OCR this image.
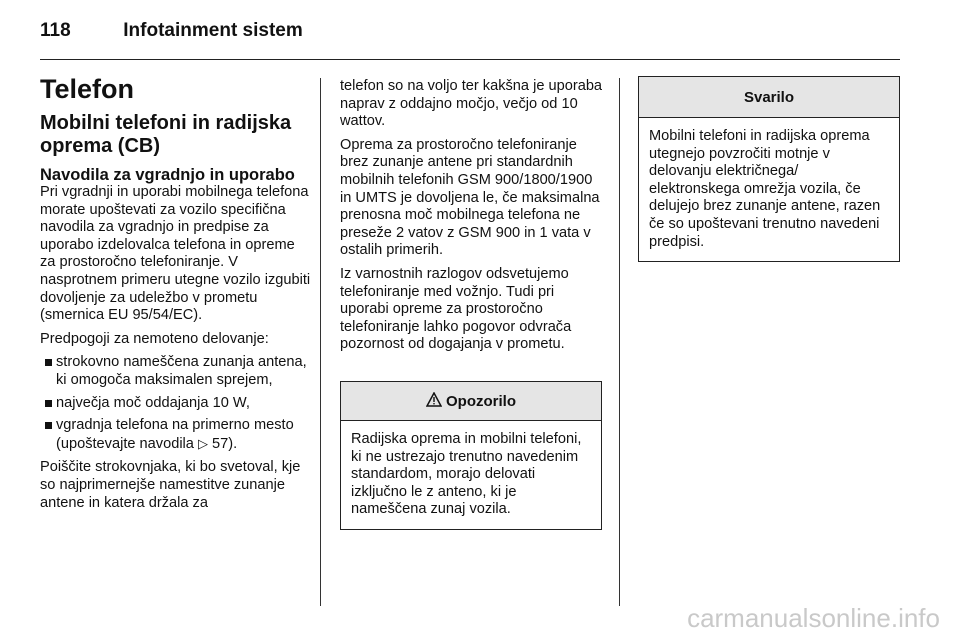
118	Infotainment sistem
Telefon
Mobilni telefoni in radijska oprema (CB)
Navodila za vgradnjo in uporabo

Pri vgradnji in uporabi mobilnega telefona morate upoštevati za vozilo specifična navodila za vgradnjo in predpise za uporabo izdelovalca telefona in opreme za prostoročno telefoniranje. V nasprotnem primeru utegne vozilo izgubiti dovoljenje za udeležbo v prometu (smernica EU 95/54/EC).

Predpogoji za nemoteno delovanje:

strokovno nameščena zunanja antena, ki omogoča maksimalen sprejem,
največja moč oddajanja 10 W,
vgradnja telefona na primerno mesto (upoštevajte navodila ▷ 57).

Poiščite strokovnjaka, ki bo svetoval, kje so najprimernejše namestitve zunanje antene in katera držala za

telefon so na voljo ter kakšna je uporaba naprav z oddajno močjo, večjo od 10 wattov.

Oprema za prostoročno telefoniranje brez zunanje antene pri standardnih mobilnih telefonih GSM 900/1800/1900 in UMTS je dovoljena le, če maksimalna prenosna moč mobilnega telefona ne preseže 2 vatov z GSM 900 in 1 vata v ostalih primerih.

Iz varnostnih razlogov odsvetujemo telefoniranje med vožnjo. Tudi pri uporabi opreme za prostoročno telefoniranje lahko pogovor odvrača pozornost od dogajanja v prometu.

Opozorilo
Radijska oprema in mobilni telefoni, ki ne ustrezajo trenutno navedenim standardom, morajo delovati izključno le z anteno, ki je nameščena zunaj vozila.
Svarilo
Mobilni telefoni in radijska oprema utegnejo povzročiti motnje v delovanju električnega/ elektronskega omrežja vozila, če delujejo brez zunanje antene, razen če so upoštevani trenutno navedeni predpisi.
carmanualsonline.info
